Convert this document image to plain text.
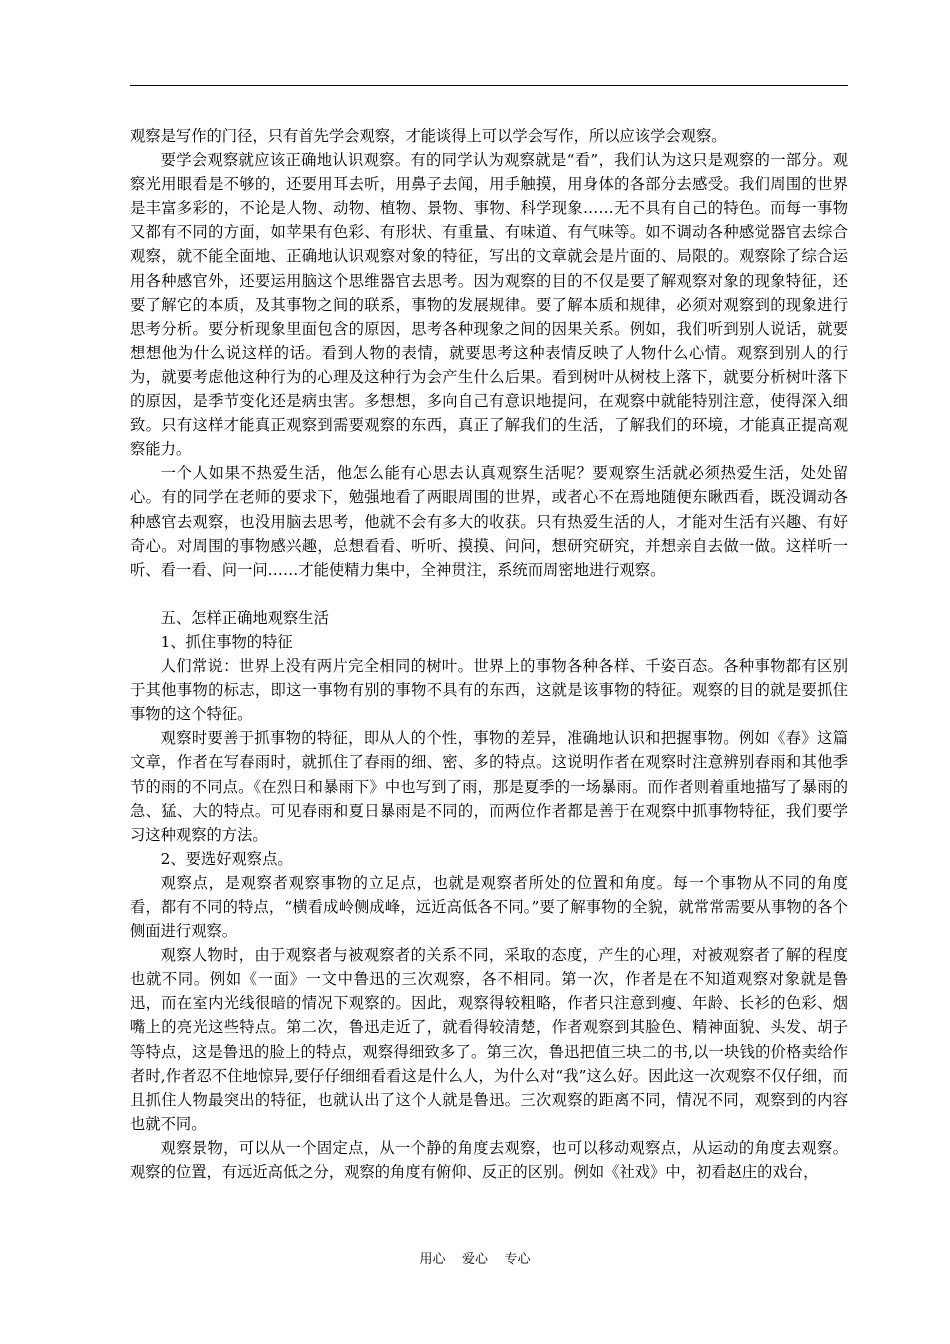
观察是写作的门径，只有首先学会观察，才能谈得上可以学会写作，所以应该学会观察。

要学会观察就应该正确地认识观察。有的同学认为观察就是“看”，我们认为这只是观察的一部分。观察光用眼看是不够的，还要用耳去听，用鼻子去闻，用手触摸，用身体的各部分去感受。我们周围的世界是丰富多彩的，不论是人物、动物、植物、景物、事物、科学现象……无不具有自己的特色。而每一事物又都有不同的方面，如苹果有色彩、有形状、有重量、有味道、有气味等。如不调动各种感觉器官去综合观察，就不能全面地、正确地认识观察对象的特征，写出的文章就会是片面的、局限的。观察除了综合运用各种感官外，还要运用脑这个思维器官去思考。因为观察的目的不仅是要了解观察对象的现象特征，还要了解它的本质，及其事物之间的联系，事物的发展规律。要了解本质和规律，必须对观察到的现象进行思考分析。要分析现象里面包含的原因，思考各种现象之间的因果关系。例如，我们听到别人说话，就要想想他为什么说这样的话。看到人物的表情，就要思考这种表情反映了人物什么心情。观察到别人的行为，就要考虑他这种行为的心理及这种行为会产生什么后果。看到树叶从树枝上落下，就要分析树叶落下的原因，是季节变化还是病虫害。多想想，多向自己有意识地提问，在观察中就能特别注意，使得深入细致。只有这样才能真正观察到需要观察的东西，真正了解我们的生活，了解我们的环境，才能真正提高观察能力。

一个人如果不热爱生活，他怎么能有心思去认真观察生活呢？要观察生活就必须热爱生活，处处留心。有的同学在老师的要求下，勉强地看了两眼周围的世界，或者心不在焉地随便东瞅西看，既没调动各种感官去观察，也没用脑去思考，他就不会有多大的收获。只有热爱生活的人，才能对生活有兴趣、有好奇心。对周围的事物感兴趣，总想看看、听听、摸摸、问问，想研究研究，并想亲自去做一做。这样听一听、看一看、问一问……才能使精力集中，全神贯注，系统而周密地进行观察。

五、怎样正确地观察生活

1、抓住事物的特征

人们常说：世界上没有两片完全相同的树叶。世界上的事物各种各样、千姿百态。各种事物都有区别于其他事物的标志，即这一事物有别的事物不具有的东西，这就是该事物的特征。观察的目的就是要抓住事物的这个特征。

观察时要善于抓事物的特征，即从人的个性，事物的差异，准确地认识和把握事物。例如《春》这篇文章，作者在写春雨时，就抓住了春雨的细、密、多的特点。这说明作者在观察时注意辨别春雨和其他季节的雨的不同点。《在烈日和暴雨下》中也写到了雨，那是夏季的一场暴雨。而作者则着重地描写了暴雨的急、猛、大的特点。可见春雨和夏日暴雨是不同的，而两位作者都是善于在观察中抓事物特征，我们要学习这种观察的方法。

2、要选好观察点。

观察点，是观察者观察事物的立足点，也就是观察者所处的位置和角度。每一个事物从不同的角度看，都有不同的特点，“横看成岭侧成峰，远近高低各不同。”要了解事物的全貌，就常常需要从事物的各个侧面进行观察。

观察人物时，由于观察者与被观察者的关系不同，采取的态度，产生的心理，对被观察者了解的程度也就不同。例如《一面》一文中鲁迅的三次观察，各不相同。第一次，作者是在不知道观察对象就是鲁迅，而在室内光线很暗的情况下观察的。因此，观察得较粗略，作者只注意到瘦、年龄、长衫的色彩、烟嘴上的亮光这些特点。第二次，鲁迅走近了，就看得较清楚，作者观察到其脸色、精神面貌、头发、胡子等特点，这是鲁迅的脸上的特点，观察得细致多了。第三次，鲁迅把值三块二的书,以一块钱的价格卖给作者时,作者忍不住地惊异,要仔仔细细看看这是什么人，为什么对“我”这么好。因此这一次观察不仅仔细，而且抓住人物最突出的特征，也就认出了这个人就是鲁迅。三次观察的距离不同，情况不同，观察到的内容也就不同。

观察景物，可以从一个固定点，从一个静的角度去观察，也可以移动观察点，从运动的角度去观察。观察的位置，有远近高低之分，观察的角度有俯仰、反正的区别。例如《社戏》中，初看赵庄的戏台，

用心    爱心    专心
